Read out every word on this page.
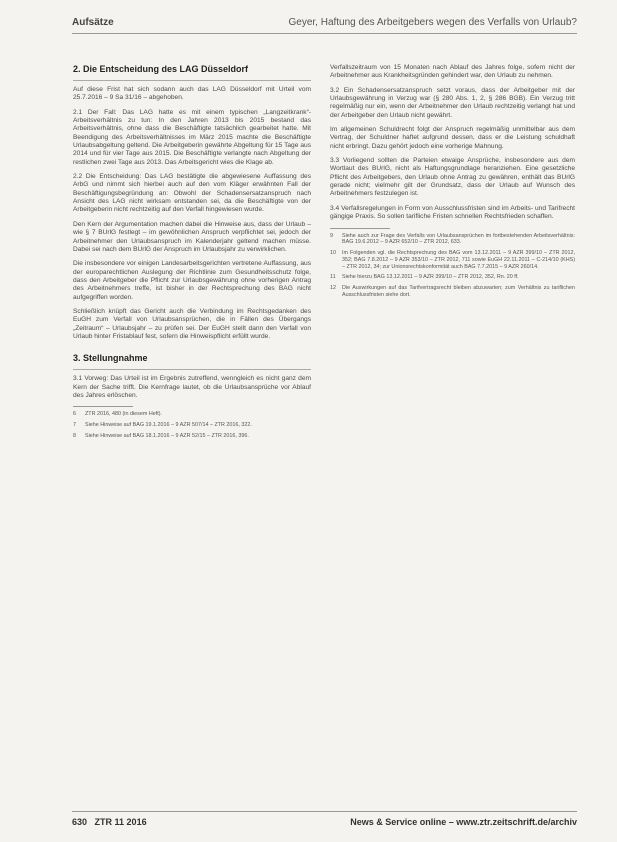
Aufsätze	Geyer, Haftung des Arbeitgebers wegen des Verfalls von Urlaub?
2. Die Entscheidung des LAG Düsseldorf

Auf diese Frist hat sich sodann auch das LAG Düsseldorf mit Urteil vom 25.7.2016 – 9 Sa 31/16 – abgehoben.

2.1 Der Fall: Das LAG hatte es mit einem typischen „Langzeitkrank“-Arbeitsverhältnis zu tun: In den Jahren 2013 bis 2015 bestand das Arbeitsverhältnis, ohne dass die Beschäftigte tatsächlich gearbeitet hatte. Mit Beendigung des Arbeitsverhältnisses im März 2015 machte die Beschäftigte Urlaubsabgeltung geltend. Die Arbeitgeberin gewährte Abgeltung für 15 Tage aus 2014 und für vier Tage aus 2015. Die Beschäftigte verlangte nach Abgeltung der restlichen zwei Tage aus 2013. Das Arbeitsgericht wies die Klage ab.

2.2 Die Entscheidung: Das LAG bestätigte die abgewiesene Auffassung des ArbG und nimmt sich hierbei auch auf den vom Kläger erwähnten Fall der Beschäftigungsbegründung an: Obwohl der Schadensersatzanspruch nach Ansicht des LAG nicht wirksam entstanden sei, da die Beschäftigte von der Arbeitgeberin nicht rechtzeitig auf den Verfall hingewiesen wurde.

Den Kern der Argumentation machen dabei die Hinweise aus, dass der Urlaub – wie § 7 BUrlG festlegt – im gewöhnlichen Anspruch verpflichtet sei, jedoch der Arbeitnehmer den Urlaubsanspruch im Kalenderjahr geltend machen müsse. Dabei sei nach dem BUrlG der Anspruch im Urlaubsjahr zu verwirklichen.

Die insbesondere vor einigen Landesarbeitsgerichten vertretene Auffassung, aus der europarechtlichen Auslegung der Richtlinie zum Gesundheitsschutz folge, dass den Arbeitgeber die Pflicht zur Urlaubsgewährung ohne vorherigen Antrag des Arbeitnehmers treffe, ist bisher in der Rechtsprechung des BAG nicht aufgegriffen worden.

Schließlich knüpft das Gericht auch die Verbindung im Rechtsgedanken des EuGH zum Verfall von Urlaubsansprüchen, die in Fällen des Übergangs „Zeitraum“ – Urlaubsjahr – zu prüfen sei. Der EuGH stellt dann den Verfall von Urlaub hinter Fristablauf fest, sofern die Hinweispflicht erfüllt wurde.

3. Stellungnahme

3.1 Vorweg: Das Urteil ist im Ergebnis zutreffend, wenngleich es nicht ganz dem Kern der Sache trifft. Die Kernfrage lautet, ob die Urlaubsansprüche vor Ablauf des Jahres erlöschen.

6	ZTR 2016, 480 (in diesem Heft).
7	Siehe Hinweise auf BAG 19.1.2016 – 9 AZR 507/14 – ZTR 2016, 322.
8	Siehe Hinweise auf BAG 18.1.2016 – 9 AZR 52/15 – ZTR 2016, 396.

Verfallszeitraum von 15 Monaten nach Ablauf des Jahres folge, sofern nicht der Arbeitnehmer aus Krankheitsgründen gehindert war, den Urlaub zu nehmen.

3.2 Ein Schadensersatzanspruch setzt voraus, dass der Arbeitgeber mit der Urlaubsgewährung in Verzug war (§ 280 Abs. 1, 2, § 286 BGB). Ein Verzug tritt regelmäßig nur ein, wenn der Arbeitnehmer den Urlaub rechtzeitig verlangt hat und der Arbeitgeber den Urlaub nicht gewährt.

Im allgemeinen Schuldrecht folgt der Anspruch regelmäßig unmittelbar aus dem Vertrag, der Schuldner haftet aufgrund dessen, dass er die Leistung schuldhaft nicht erbringt. Dazu gehört jedoch eine vorherige Mahnung.

3.3 Vorliegend sollten die Parteien etwaige Ansprüche, insbesondere aus dem Wortlaut des BUrlG, nicht als Haftungsgrundlage heranziehen. Eine gesetzliche Pflicht des Arbeitgebers, den Urlaub ohne Antrag zu gewähren, enthält das BUrlG gerade nicht; vielmehr gilt der Grundsatz, dass der Urlaub auf Wunsch des Arbeitnehmers festzulegen ist.

3.4 Verfallsregelungen in Form von Ausschlussfristen sind im Arbeits- und Tarifrecht gängige Praxis. So sollen tarifliche Fristen schnellen Rechtsfrieden schaffen.

9	Siehe auch zur Frage des Verfalls von Urlaubsansprüchen im fortbestehenden Arbeitsverhältnis: BAG 19.6.2012 – 9 AZR 652/10 – ZTR 2012, 633.
10	Im Folgenden vgl. die Rechtsprechung des BAG vom 13.12.2011 – 9 AZR 399/10 – ZTR 2012, 352; BAG 7.8.2012 – 9 AZR 353/10 – ZTR 2012, 711 sowie EuGH 22.11.2011 – C-214/10 (KHS) – ZTR 2012, 34; zur Unionsrechtskonformität auch BAG 7.7.2015 – 9 AZR 260/14.
11	Siehe hierzu BAG 13.12.2011 – 9 AZR 399/10 – ZTR 2012, 352, Rn. 20 ff.
12	Die Auswirkungen auf das Tarifvertragsrecht bleiben abzuwarten; zum Verhältnis zu tariflichen Ausschlussfristen siehe dort.
630 ZTR 11 2016	News & Service online – www.ztr.zeitschrift.de/archiv
